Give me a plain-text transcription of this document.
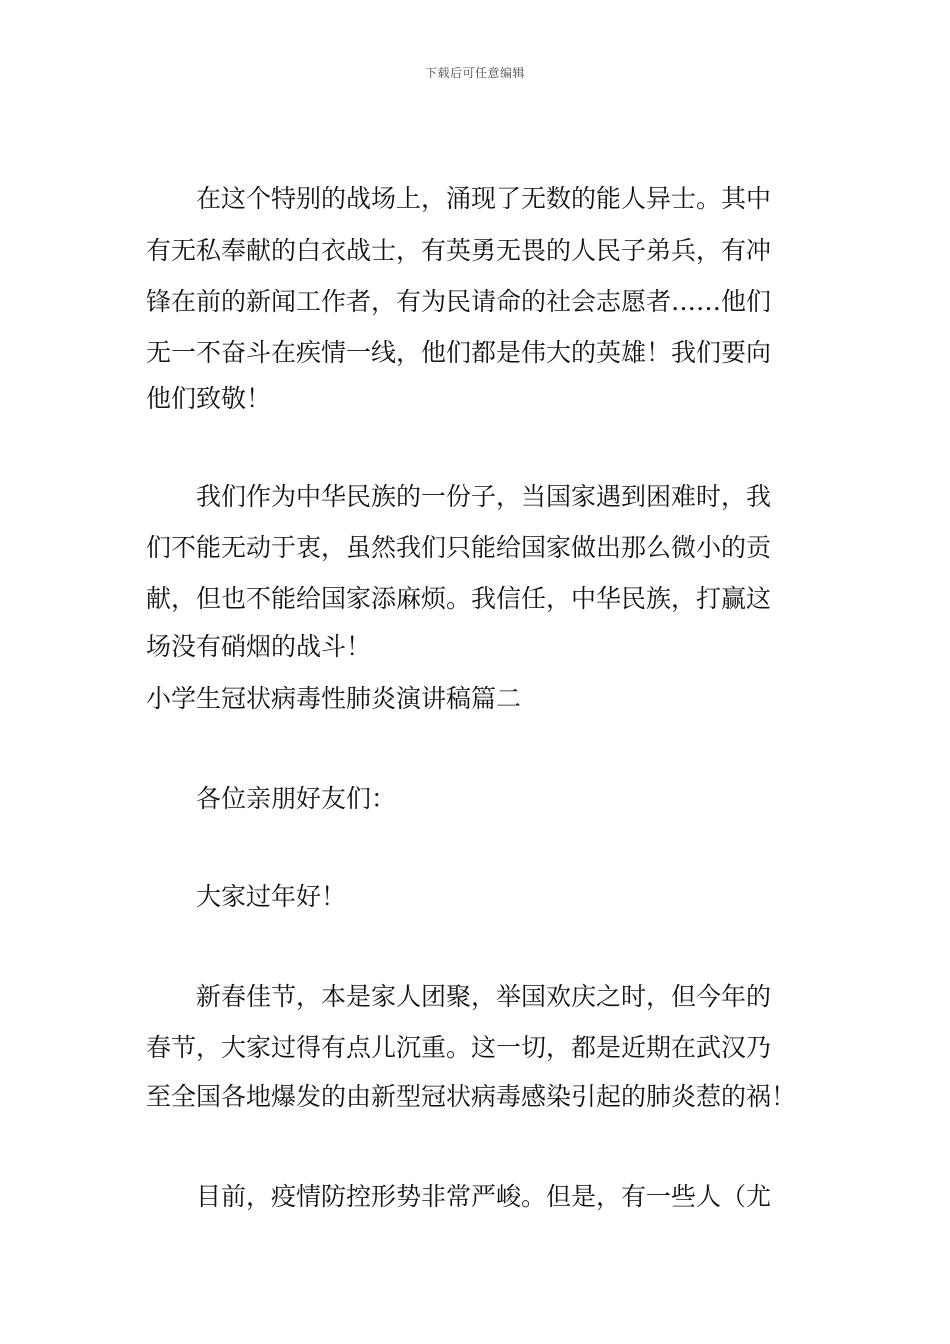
下载后可任意编辑
在这个特别的战场上，涌现了无数的能人异士。其中
有无私奉献的白衣战士，有英勇无畏的人民子弟兵，有冲
锋在前的新闻工作者，有为民请命的社会志愿者……他们
无一不奋斗在疾情一线，他们都是伟大的英雄！我们要向
他们致敬！
我们作为中华民族的一份子，当国家遇到困难时，我
们不能无动于衷，虽然我们只能给国家做出那么微小的贡
献，但也不能给国家添麻烦。我信任，中华民族，打赢这
场没有硝烟的战斗！
小学生冠状病毒性肺炎演讲稿篇二
各位亲朋好友们：
大家过年好！
新春佳节，本是家人团聚，举国欢庆之时，但今年的
春节，大家过得有点儿沉重。这一切，都是近期在武汉乃
至全国各地爆发的由新型冠状病毒感染引起的肺炎惹的祸！
目前，疫情防控形势非常严峻。但是，有一些人（尤
